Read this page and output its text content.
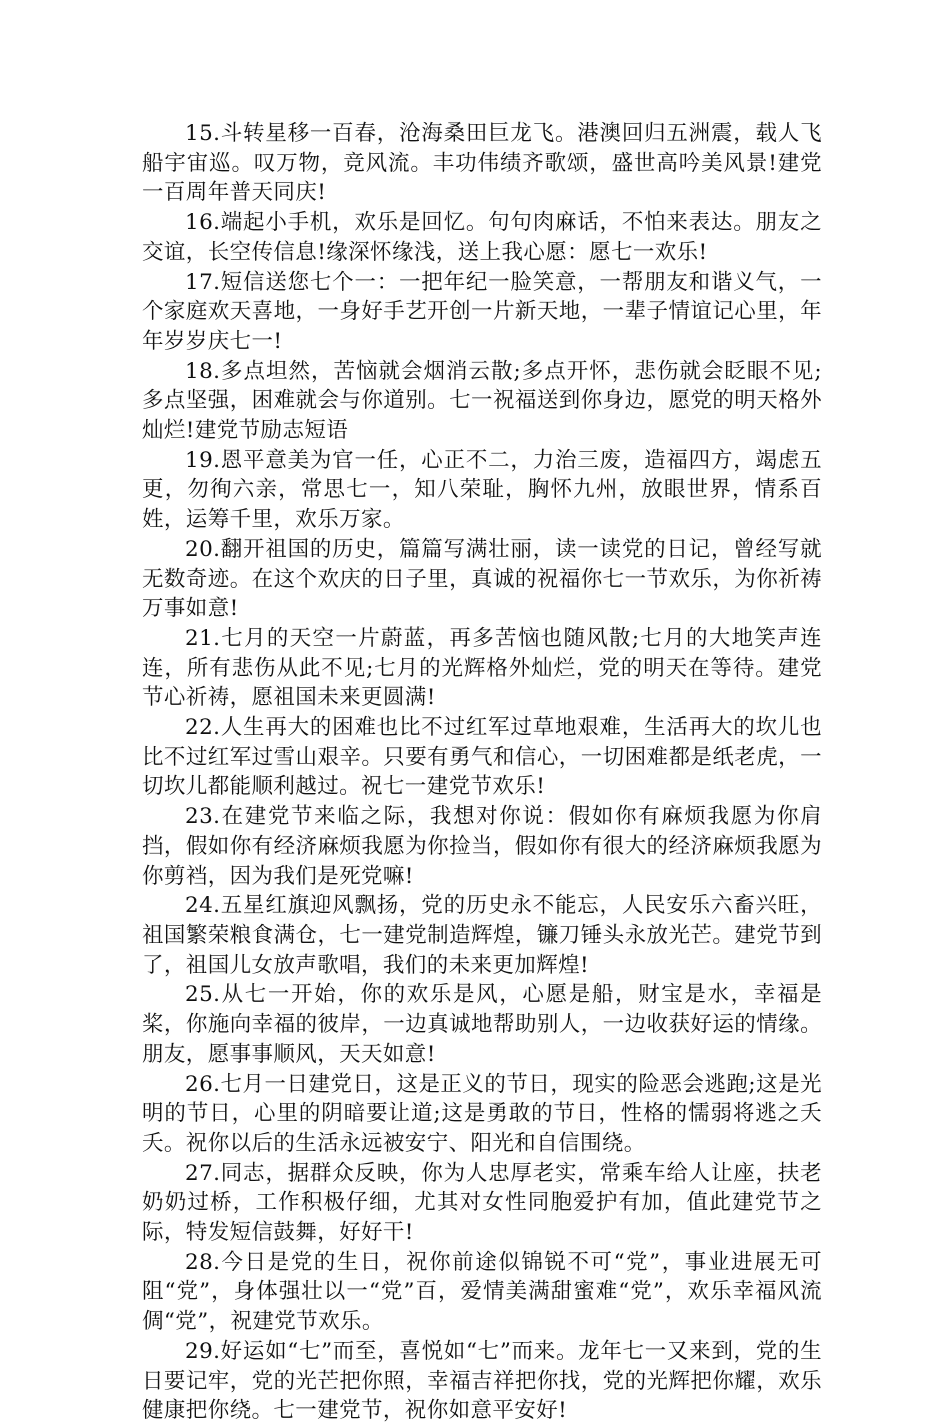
15.斗转星移一百春，沧海桑田巨龙飞。港澳回归五洲震，载人飞船宇宙巡。叹万物，竞风流。丰功伟绩齐歌颂，盛世高吟美风景!建党一百周年普天同庆!

16.端起小手机，欢乐是回忆。句句肉麻话，不怕来表达。朋友之交谊，长空传信息!缘深怀缘浅，送上我心愿：愿七一欢乐!

17.短信送您七个一：一把年纪一脸笑意，一帮朋友和谐义气，一个家庭欢天喜地，一身好手艺开创一片新天地，一辈子情谊记心里，年年岁岁庆七一!

18.多点坦然，苦恼就会烟消云散;多点开怀，悲伤就会眨眼不见;多点坚强，困难就会与你道别。七一祝福送到你身边，愿党的明天格外灿烂!建党节励志短语

19.恩平意美为官一任，心正不二，力治三废，造福四方，竭虑五更，勿徇六亲，常思七一，知八荣耻，胸怀九州，放眼世界，情系百姓，运筹千里，欢乐万家。

20.翻开祖国的历史，篇篇写满壮丽，读一读党的日记，曾经写就无数奇迹。在这个欢庆的日子里，真诚的祝福你七一节欢乐，为你祈祷万事如意!

21.七月的天空一片蔚蓝，再多苦恼也随风散;七月的大地笑声连连，所有悲伤从此不见;七月的光辉格外灿烂，党的明天在等待。建党节心祈祷，愿祖国未来更圆满!

22.人生再大的困难也比不过红军过草地艰难，生活再大的坎儿也比不过红军过雪山艰辛。只要有勇气和信心，一切困难都是纸老虎，一切坎儿都能顺利越过。祝七一建党节欢乐!

23.在建党节来临之际，我想对你说：假如你有麻烦我愿为你肩挡，假如你有经济麻烦我愿为你捡当，假如你有很大的经济麻烦我愿为你剪裆，因为我们是死党嘛!

24.五星红旗迎风飘扬，党的历史永不能忘，人民安乐六畜兴旺，祖国繁荣粮食满仓，七一建党制造辉煌，镰刀锤头永放光芒。建党节到了，祖国儿女放声歌唱，我们的未来更加辉煌!

25.从七一开始，你的欢乐是风，心愿是船，财宝是水，幸福是桨，你施向幸福的彼岸，一边真诚地帮助别人，一边收获好运的情缘。朋友，愿事事顺风，天天如意!

26.七月一日建党日，这是正义的节日，现实的险恶会逃跑;这是光明的节日，心里的阴暗要让道;这是勇敢的节日，性格的懦弱将逃之夭夭。祝你以后的生活永远被安宁、阳光和自信围绕。

27.同志，据群众反映，你为人忠厚老实，常乘车给人让座，扶老奶奶过桥，工作积极仔细，尤其对女性同胞爱护有加，值此建党节之际，特发短信鼓舞，好好干!

28.今日是党的生日，祝你前途似锦锐不可“党”，事业进展无可阻“党”，身体强壮以一“党”百，爱情美满甜蜜难“党”，欢乐幸福风流倜“党”，祝建党节欢乐。

29.好运如“七”而至，喜悦如“七”而来。龙年七一又来到，党的生日要记牢，党的光芒把你照，幸福吉祥把你找，党的光辉把你耀，欢乐健康把你绕。七一建党节，祝你如意平安好!
